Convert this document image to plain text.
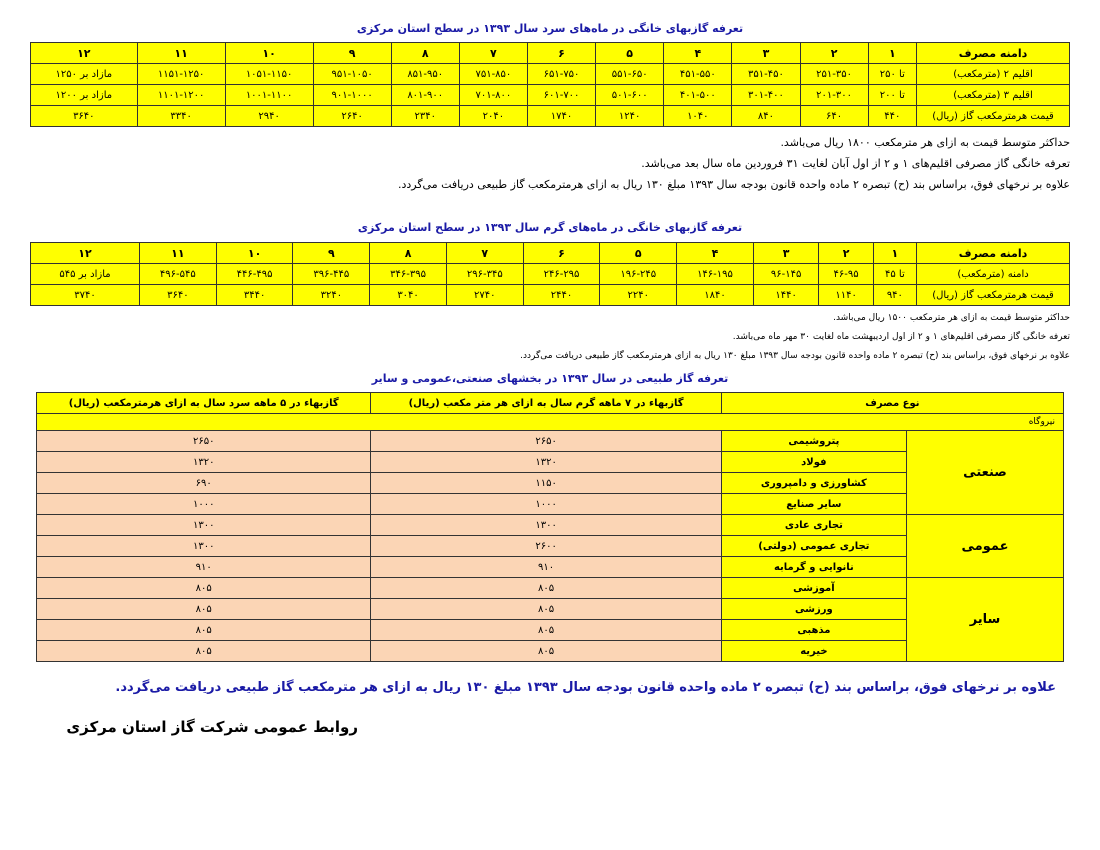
تعرفه گازبهای خانگی در ماه‌های سرد سال ۱۳۹۳ در سطح استان مرکزی
دامنه مصرف	۱	۲	۳	۴	۵	۶	۷	۸	۹	۱۰	۱۱	۱۲
اقلیم ۲ (مترمکعب)	تا ۲۵۰	۲۵۱-۳۵۰	۳۵۱-۴۵۰	۴۵۱-۵۵۰	۵۵۱-۶۵۰	۶۵۱-۷۵۰	۷۵۱-۸۵۰	۸۵۱-۹۵۰	۹۵۱-۱۰۵۰	۱۰۵۱-۱۱۵۰	۱۱۵۱-۱۲۵۰	مازاد بر ۱۲۵۰
اقلیم ۳ (مترمکعب)	تا ۲۰۰	۲۰۱-۳۰۰	۳۰۱-۴۰۰	۴۰۱-۵۰۰	۵۰۱-۶۰۰	۶۰۱-۷۰۰	۷۰۱-۸۰۰	۸۰۱-۹۰۰	۹۰۱-۱۰۰۰	۱۰۰۱-۱۱۰۰	۱۱۰۱-۱۲۰۰	مازاد بر ۱۲۰۰
قیمت هرمترمکعب گاز (ریال)	۴۴۰	۶۴۰	۸۴۰	۱۰۴۰	۱۲۴۰	۱۷۴۰	۲۰۴۰	۲۳۴۰	۲۶۴۰	۲۹۴۰	۳۳۴۰	۳۶۴۰
حداکثر متوسط قیمت به ازای هر مترمکعب ۱۸۰۰ ریال می‌باشد.
تعرفه خانگی گاز مصرفی اقلیم‌های ۱ و ۲ از اول آبان لغایت ۳۱ فروردین ماه سال بعد می‌باشد.
علاوه بر نرخهای فوق، براساس بند (ح) تبصره ۲ ماده واحده قانون بودجه سال ۱۳۹۳ مبلغ ۱۳۰ ریال به ازای هرمترمکعب گاز طبیعی دریافت می‌گردد.
تعرفه گازبهای خانگی در ماه‌های گرم سال ۱۳۹۳ در سطح استان مرکزی
دامنه مصرف	۱	۲	۳	۴	۵	۶	۷	۸	۹	۱۰	۱۱	۱۲
دامنه (مترمکعب)	تا ۴۵	۴۶-۹۵	۹۶-۱۴۵	۱۴۶-۱۹۵	۱۹۶-۲۴۵	۲۴۶-۲۹۵	۲۹۶-۳۴۵	۳۴۶-۳۹۵	۳۹۶-۴۴۵	۴۴۶-۴۹۵	۴۹۶-۵۴۵	مازاد بر ۵۴۵
قیمت هرمترمکعب گاز (ریال)	۹۴۰	۱۱۴۰	۱۴۴۰	۱۸۴۰	۲۲۴۰	۲۴۴۰	۲۷۴۰	۳۰۴۰	۳۲۴۰	۳۴۴۰	۳۶۴۰	۳۷۴۰
حداکثر متوسط قیمت به ازای هر مترمکعب ۱۵۰۰ ریال می‌باشد.
تعرفه خانگی گاز مصرفی اقلیم‌های ۱ و ۲ از اول اردیبهشت ماه لغایت ۳۰ مهر ماه می‌باشد.
علاوه بر نرخهای فوق، براساس بند (ح) تبصره ۲ ماده واحده قانون بودجه سال ۱۳۹۳ مبلغ ۱۳۰ ریال به ازای هرمترمکعب گاز طبیعی دریافت می‌گردد.
تعرفه گاز طبیعی در سال ۱۳۹۳ در بخشهای صنعتی،عمومی و سایر
نوع مصرف		گازبهاء در ۷ ماهه گرم سال به ازای هر متر مکعب (ریال)	گازبهاء در ۵ ماهه سرد سال به ازای هرمترمکعب (ریال)
نیروگاه			
صنعتی	پتروشیمی	۲۶۵۰	۲۶۵۰
	فولاد	۱۳۲۰	۱۳۲۰
	کشاورزی و دامپروری	۱۱۵۰	۶۹۰
	سایر صنایع	۱۰۰۰	۱۰۰۰
عمومی	تجاری عادی	۱۳۰۰	۱۳۰۰
	تجاری عمومی (دولتی)	۲۶۰۰	۱۳۰۰
	نانوایی و گرمابه	۹۱۰	۹۱۰
سایر	آموزشی	۸۰۵	۸۰۵
	ورزشی	۸۰۵	۸۰۵
	مذهبی	۸۰۵	۸۰۵
	خیریه	۸۰۵	۸۰۵
علاوه بر نرخهای فوق، براساس بند (ح) تبصره ۲ ماده واحده قانون بودجه سال ۱۳۹۳ مبلغ ۱۳۰ ریال به ازای هر مترمکعب گاز طبیعی دریافت می‌گردد.
روابط عمومی شرکت گاز استان مرکزی
